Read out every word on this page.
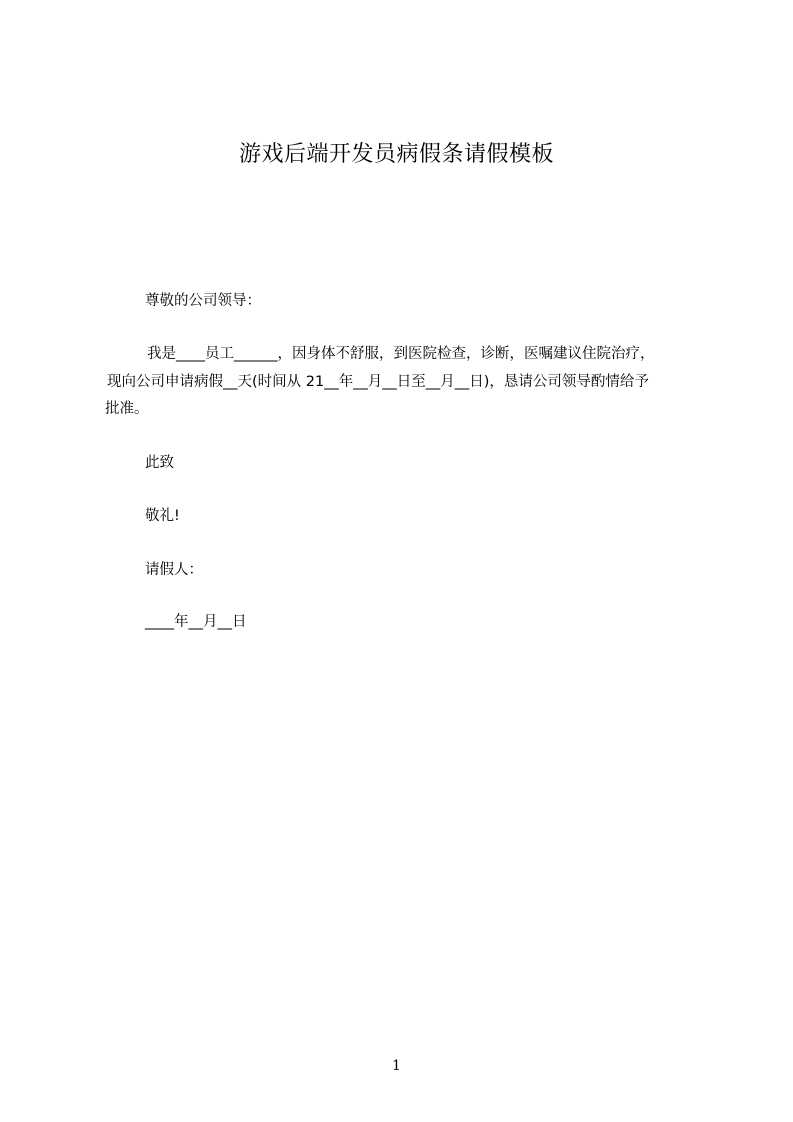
游戏后端开发员病假条请假模板

尊敬的公司领导：

我是____员工______，因身体不舒服，到医院检查，诊断，医嘱建议住院治疗，

现向公司申请病假__天(时间从 21__年__月__日至__月__日)，恳请公司领导酌情给予

批准。

此致

敬礼!

请假人：

____年__月__日

1
